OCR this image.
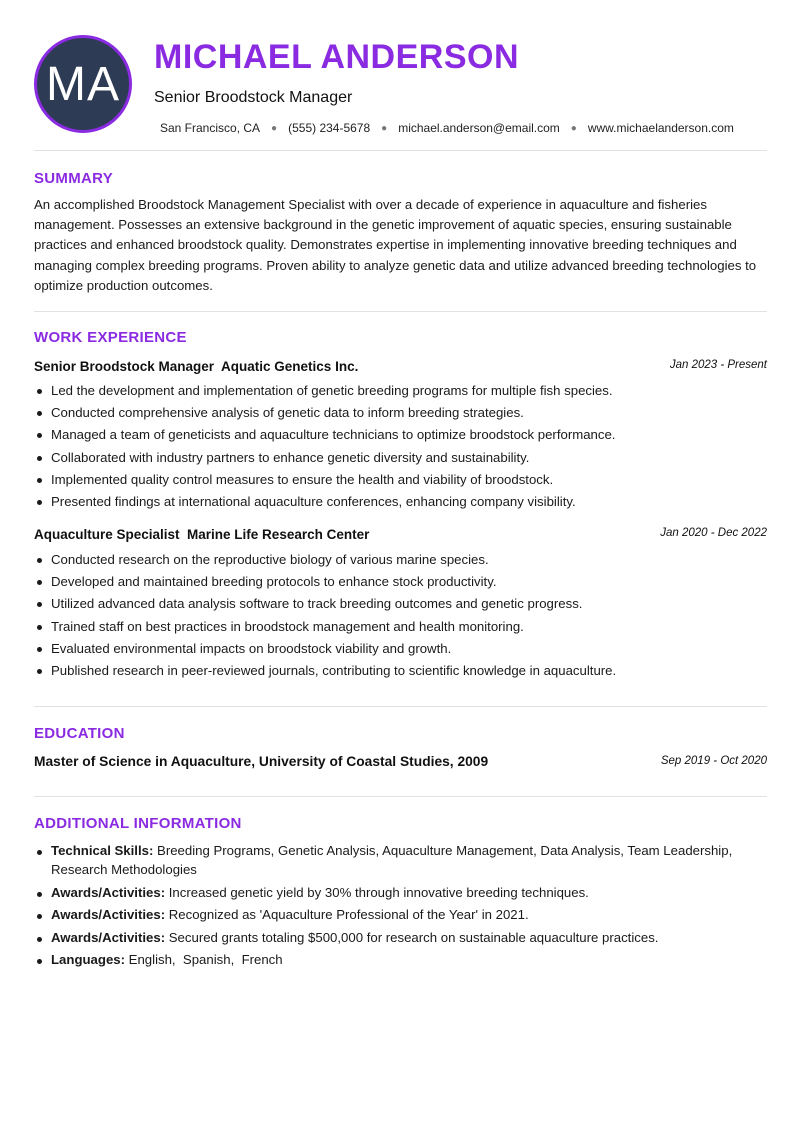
MA
MICHAEL ANDERSON
Senior Broodstock Manager
San Francisco, CA ● (555) 234-5678 ● michael.anderson@email.com ● www.michaelanderson.com
SUMMARY
An accomplished Broodstock Management Specialist with over a decade of experience in aquaculture and fisheries management. Possesses an extensive background in the genetic improvement of aquatic species, ensuring sustainable practices and enhanced broodstock quality. Demonstrates expertise in implementing innovative breeding techniques and managing complex breeding programs. Proven ability to analyze genetic data and utilize advanced breeding technologies to optimize production outcomes.
WORK EXPERIENCE
Senior Broodstock Manager  Aquatic Genetics Inc.	Jan 2023 - Present
Led the development and implementation of genetic breeding programs for multiple fish species.
Conducted comprehensive analysis of genetic data to inform breeding strategies.
Managed a team of geneticists and aquaculture technicians to optimize broodstock performance.
Collaborated with industry partners to enhance genetic diversity and sustainability.
Implemented quality control measures to ensure the health and viability of broodstock.
Presented findings at international aquaculture conferences, enhancing company visibility.
Aquaculture Specialist  Marine Life Research Center	Jan 2020 - Dec 2022
Conducted research on the reproductive biology of various marine species.
Developed and maintained breeding protocols to enhance stock productivity.
Utilized advanced data analysis software to track breeding outcomes and genetic progress.
Trained staff on best practices in broodstock management and health monitoring.
Evaluated environmental impacts on broodstock viability and growth.
Published research in peer-reviewed journals, contributing to scientific knowledge in aquaculture.
EDUCATION
Master of Science in Aquaculture, University of Coastal Studies, 2009	Sep 2019 - Oct 2020
ADDITIONAL INFORMATION
Technical Skills: Breeding Programs, Genetic Analysis, Aquaculture Management, Data Analysis, Team Leadership, Research Methodologies
Awards/Activities: Increased genetic yield by 30% through innovative breeding techniques.
Awards/Activities: Recognized as 'Aquaculture Professional of the Year' in 2021.
Awards/Activities: Secured grants totaling $500,000 for research on sustainable aquaculture practices.
Languages: English,  Spanish,  French
